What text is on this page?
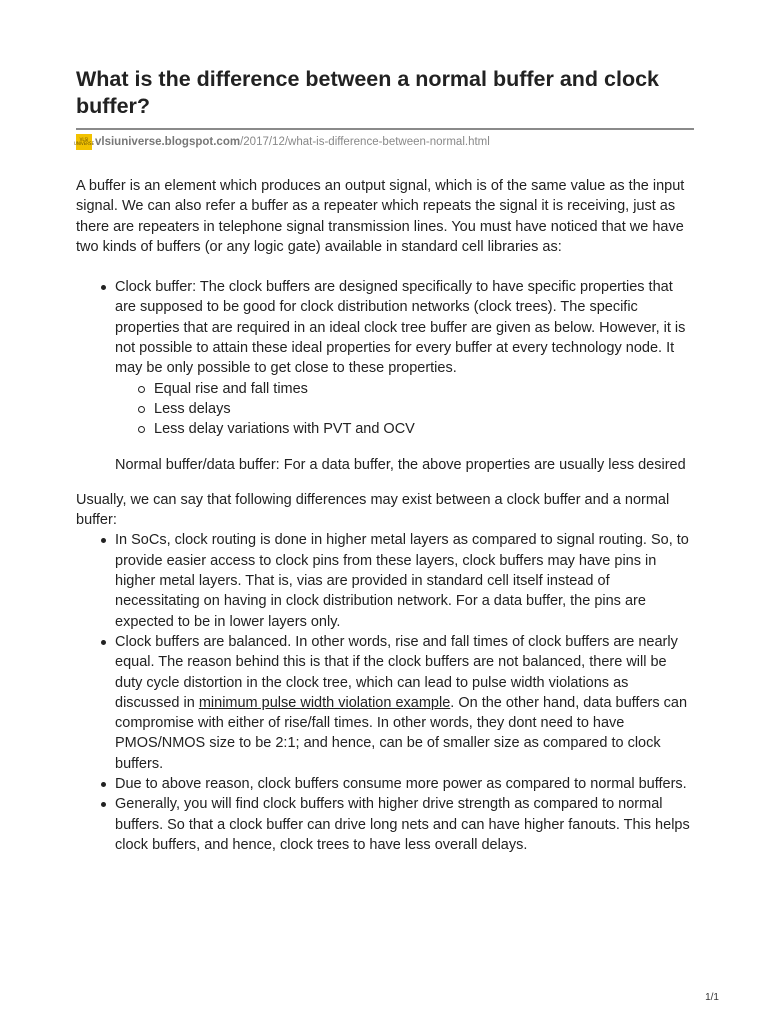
What is the difference between a normal buffer and clock buffer?
VLSI
UNIVERSE vlsiuniverse.blogspot.com /2017/12/what-is-difference-between-normal.html

A buffer is an element which produces an output signal, which is of the same value as the input signal. We can also refer a buffer as a repeater which repeats the signal it is receiving, just as there are repeaters in telephone signal transmission lines. You must have noticed that we have two kinds of buffers (or any logic gate) available in standard cell libraries as:

Clock buffer: The clock buffers are designed specifically to have specific properties that are supposed to be good for clock distribution networks (clock trees). The specific properties that are required in an ideal clock tree buffer are given as below. However, it is not possible to attain these ideal properties for every buffer at every technology node. It may be only possible to get close to these properties.
Equal rise and fall times
Less delays
Less delay variations with PVT and OCV

Normal buffer/data buffer: For a data buffer, the above properties are usually less desired

Usually, we can say that following differences may exist between a clock buffer and a normal buffer:

In SoCs, clock routing is done in higher metal layers as compared to signal routing. So, to provide easier access to clock pins from these layers, clock buffers may have pins in higher metal layers. That is, vias are provided in standard cell itself instead of necessitating on having in clock distribution network. For a data buffer, the pins are expected to be in lower layers only.
Clock buffers are balanced. In other words, rise and fall times of clock buffers are nearly equal. The reason behind this is that if the clock buffers are not balanced, there will be duty cycle distortion in the clock tree, which can lead to pulse width violations as discussed in minimum pulse width violation example. On the other hand, data buffers can compromise with either of rise/fall times. In other words, they dont need to have PMOS/NMOS size to be 2:1; and hence, can be of smaller size as compared to clock buffers.
Due to above reason, clock buffers consume more power as compared to normal buffers.
Generally, you will find clock buffers with higher drive strength as compared to normal buffers. So that a clock buffer can drive long nets and can have higher fanouts. This helps clock buffers, and hence, clock trees to have less overall delays.
1/1
